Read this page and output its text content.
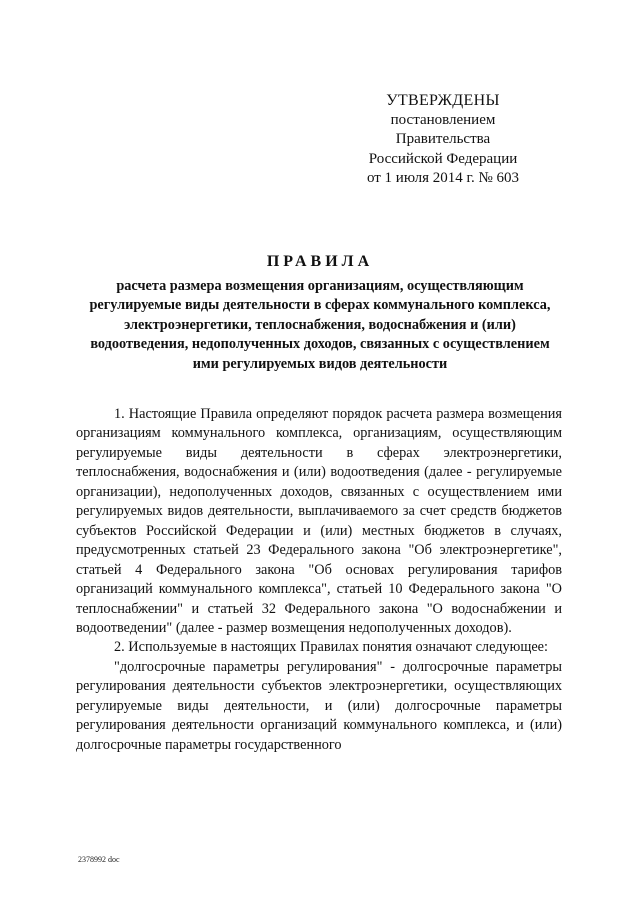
УТВЕРЖДЕНЫ
постановлением Правительства
Российской Федерации
от 1 июля 2014 г. № 603
ПРАВИЛА
расчета размера возмещения организациям, осуществляющим регулируемые виды деятельности в сферах коммунального комплекса, электроэнергетики, теплоснабжения, водоснабжения и (или) водоотведения, недополученных доходов, связанных с осуществлением ими регулируемых видов деятельности

1. Настоящие Правила определяют порядок расчета размера возмещения организациям коммунального комплекса, организациям, осуществляющим регулируемые виды деятельности в сферах электроэнергетики, теплоснабжения, водоснабжения и (или) водоотведения (далее - регулируемые организации), недополученных доходов, связанных с осуществлением ими регулируемых видов деятельности, выплачиваемого за счет средств бюджетов субъектов Российской Федерации и (или) местных бюджетов в случаях, предусмотренных статьей 23 Федерального закона "Об электроэнергетике", статьей 4 Федерального закона "Об основах регулирования тарифов организаций коммунального комплекса", статьей 10 Федерального закона "О теплоснабжении" и статьей 32 Федерального закона "О водоснабжении и водоотведении" (далее - размер возмещения недополученных доходов).

2. Используемые в настоящих Правилах понятия означают следующее:

"долгосрочные параметры регулирования" - долгосрочные параметры регулирования деятельности субъектов электроэнергетики, осуществляющих регулируемые виды деятельности, и (или) долгосрочные параметры регулирования деятельности организаций коммунального комплекса, и (или) долгосрочные параметры государственного

2378992 doc
